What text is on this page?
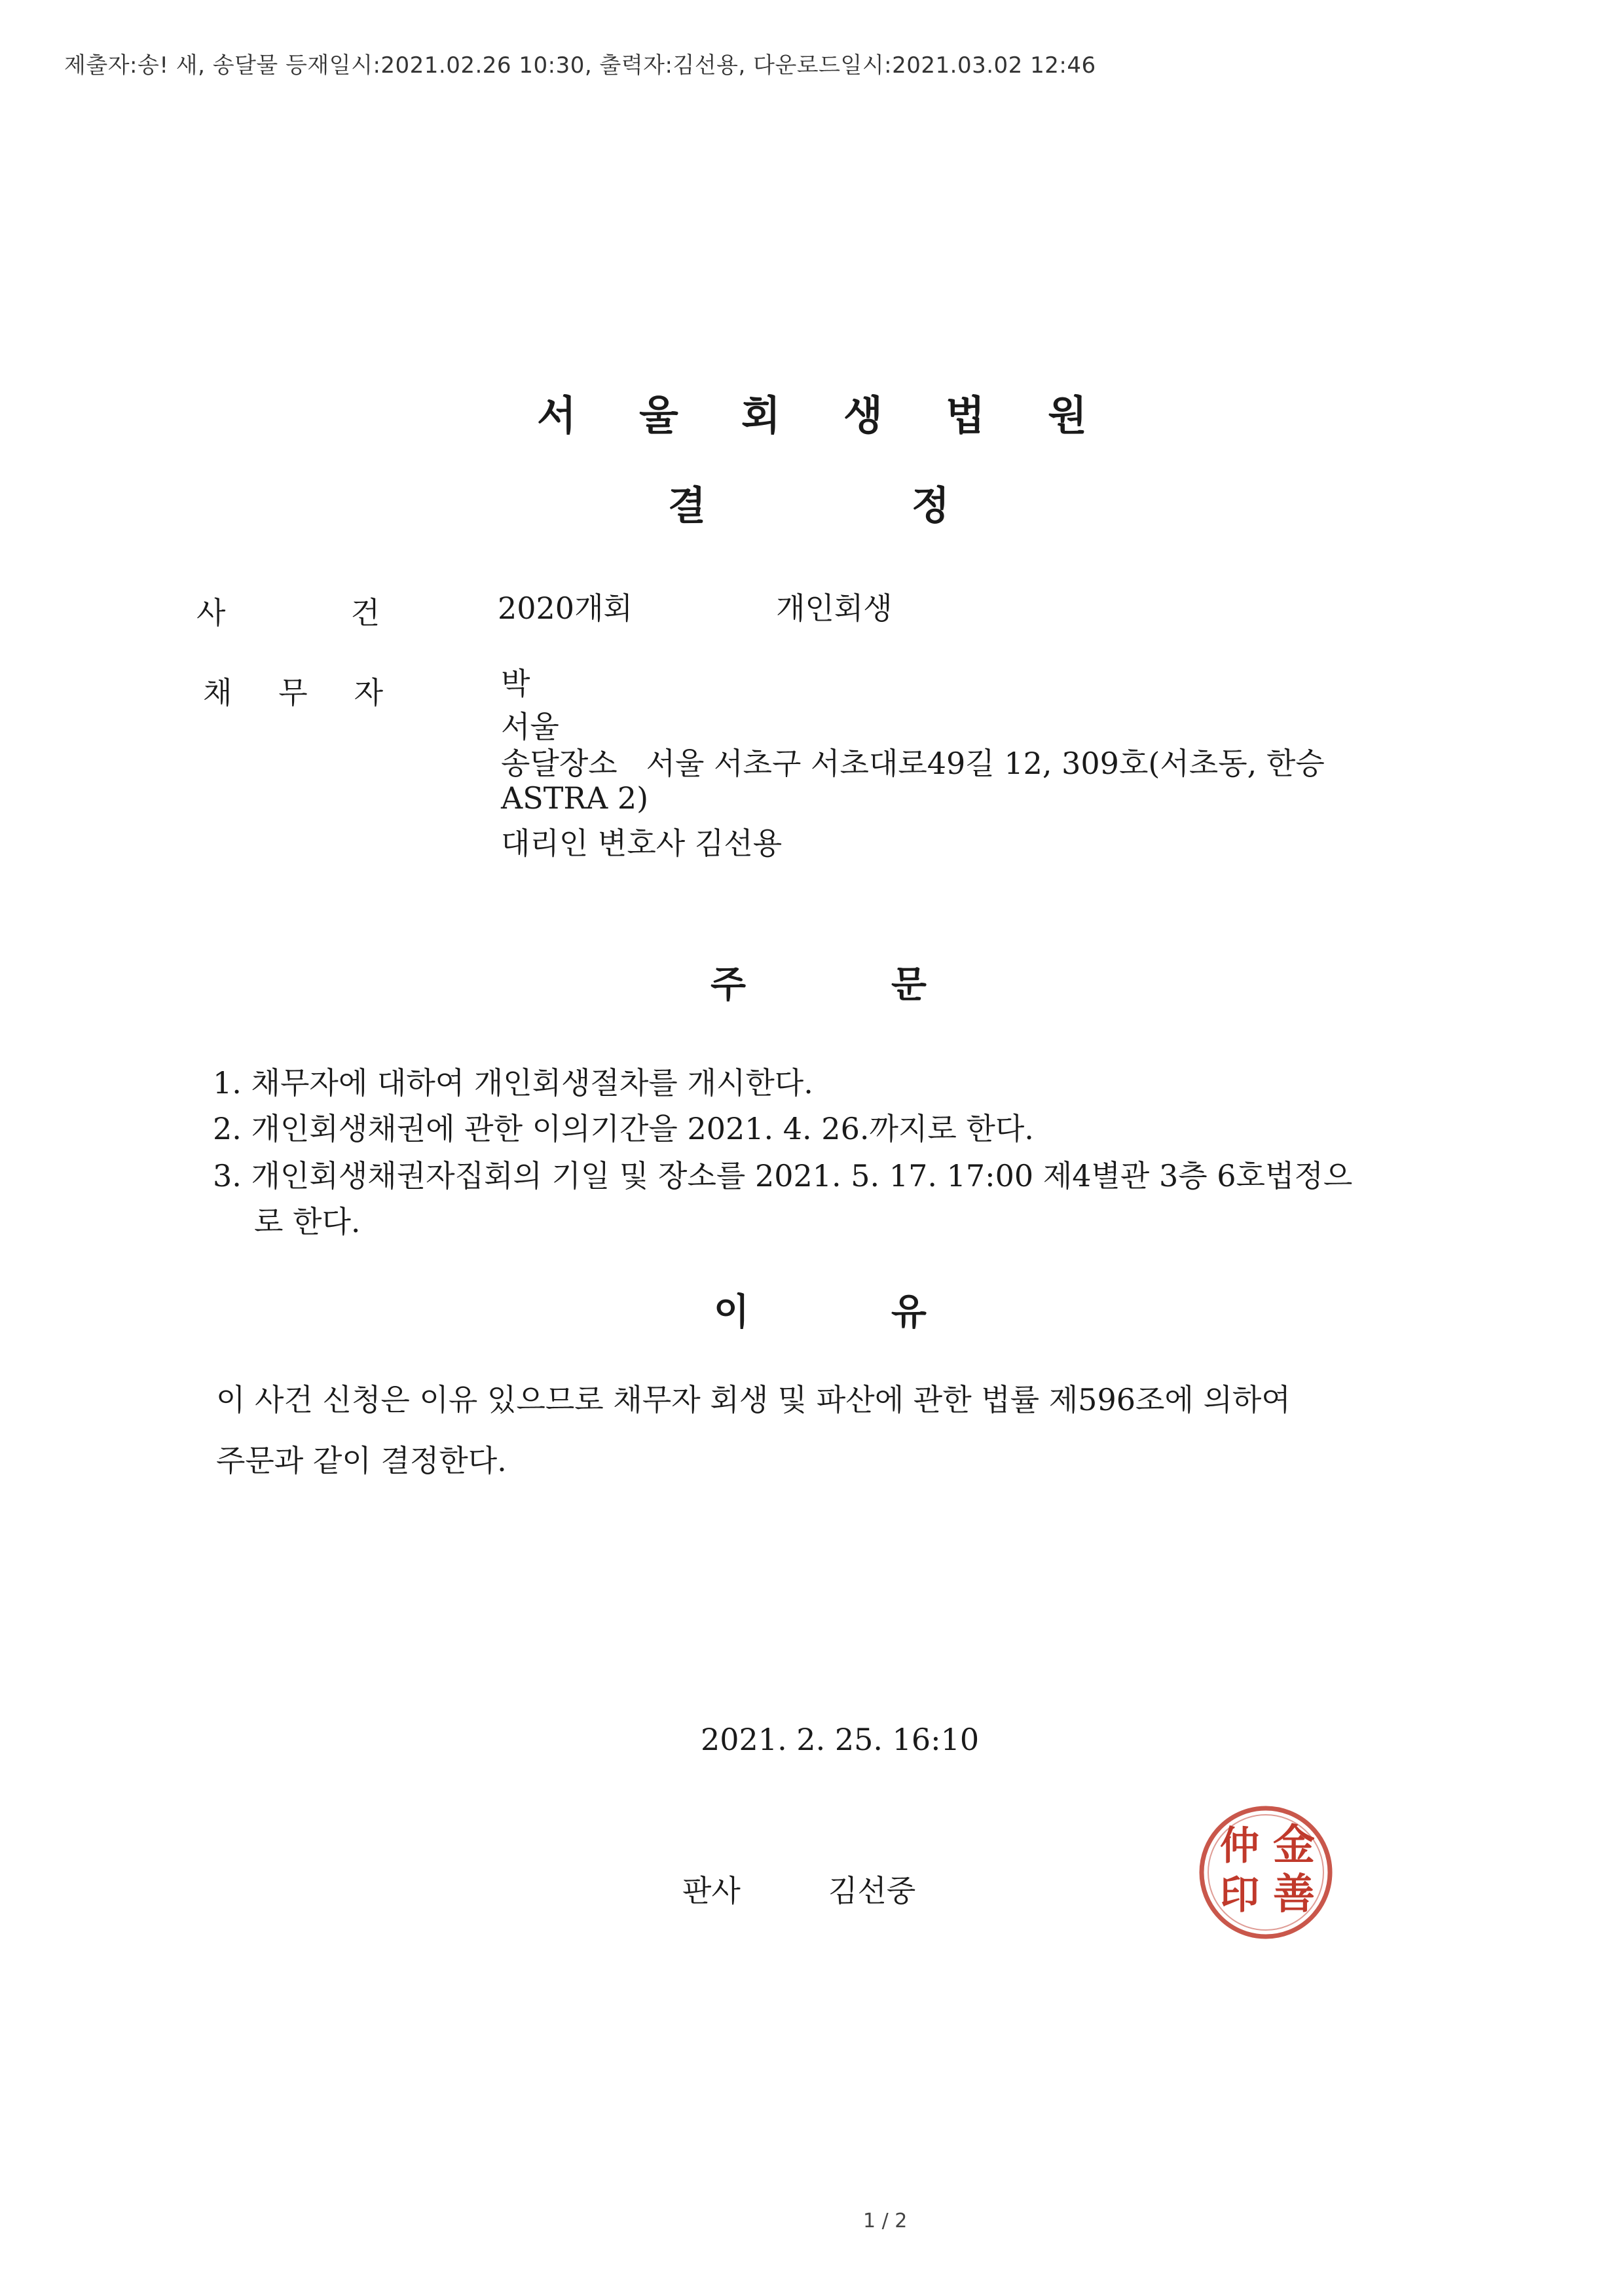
제출자:송! 새, 송달물 등재일시:2021.02.26 10:30, 출력자:김선용, 다운로드일시:2021.03.02 12:46
서 울 회 생 법 원
결	정
사	건	2020개회	개인회생
채 무 자	박
서울
송달장소   서울 서초구 서초대로49길 12, 309호(서초동, 한승
ASTRA 2)
대리인 변호사 김선용
주	문
1. 채무자에 대하여 개인회생절차를 개시한다.
2. 개인회생채권에 관한 이의기간을 2021. 4. 26.까지로 한다.
3. 개인회생채권자집회의 기일 및 장소를 2021. 5. 17. 17:00 제4별관 3층 6호법정으
로 한다.
이	유
이 사건 신청은 이유 있으므로 채무자 회생 및 파산에 관한 법률 제596조에 의하여
주문과 같이 결정한다.
2021. 2. 25. 16:10
판사	김선중
金
善
仲
印
1 / 2
